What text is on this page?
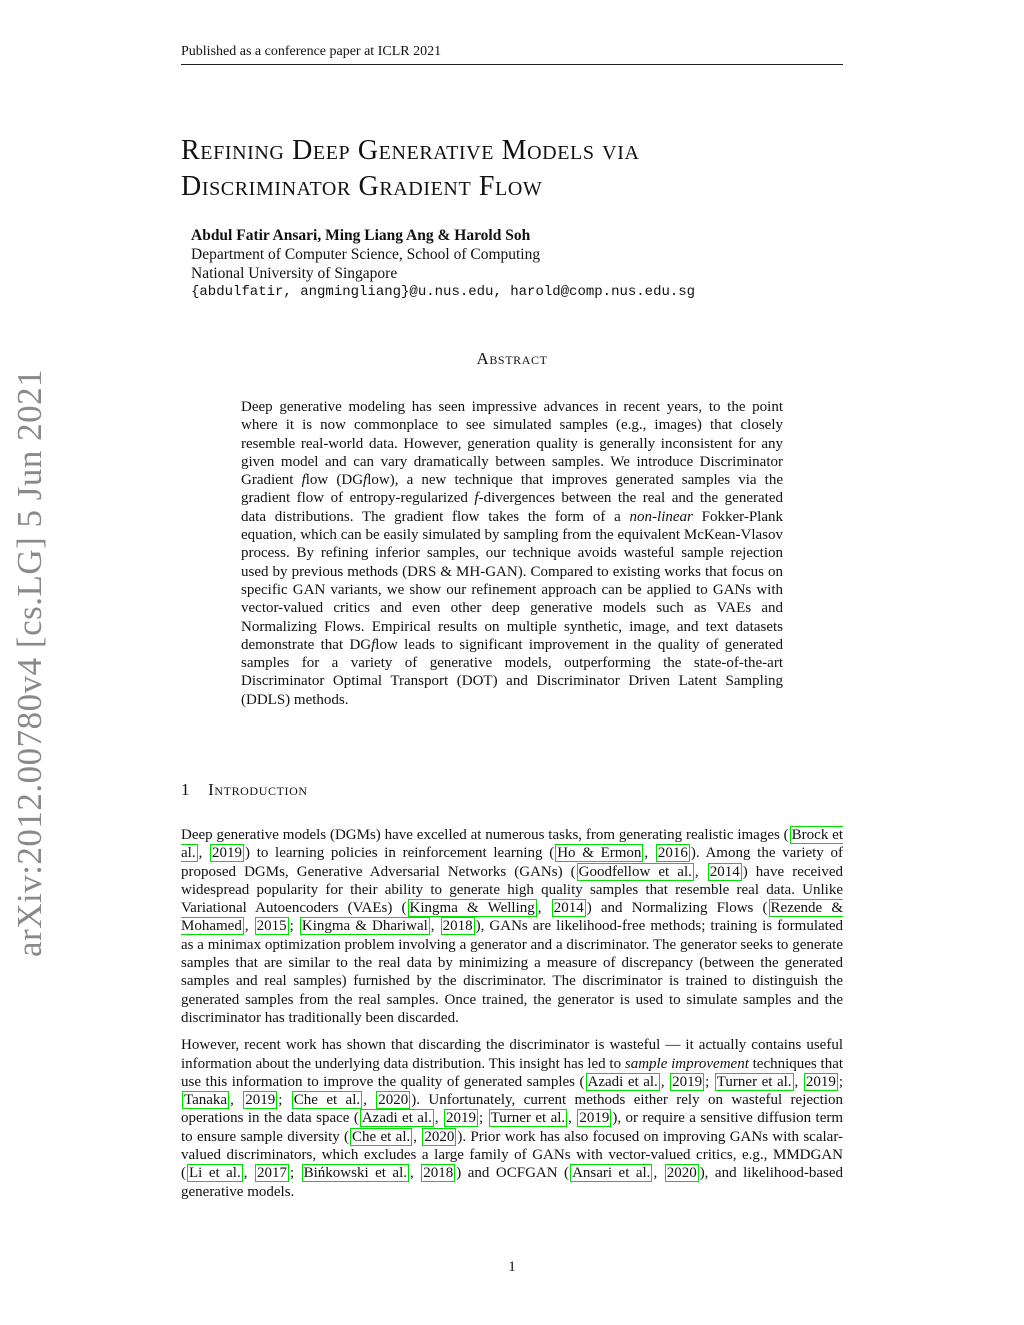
Published as a conference paper at ICLR 2021
Refining Deep Generative Models via
Discriminator Gradient Flow
Abdul Fatir Ansari, Ming Liang Ang & Harold Soh
Department of Computer Science, School of Computing
National University of Singapore
{abdulfatir, angmingliang}@u.nus.edu, harold@comp.nus.edu.sg
arXiv:2012.00780v4 [cs.LG] 5 Jun 2021
Abstract
Deep generative modeling has seen impressive advances in recent years, to the point where it is now commonplace to see simulated samples (e.g., images) that closely resemble real-world data. However, generation quality is generally inconsistent for any given model and can vary dramatically between samples. We introduce Discriminator Gradient flow (DGflow), a new technique that improves generated samples via the gradient flow of entropy-regularized f-divergences between the real and the generated data distributions. The gradient flow takes the form of a non-linear Fokker-Plank equation, which can be easily simulated by sampling from the equivalent McKean-Vlasov process. By refining inferior samples, our technique avoids wasteful sample rejection used by previous methods (DRS & MH-GAN). Compared to existing works that focus on specific GAN variants, we show our refinement approach can be applied to GANs with vector-valued critics and even other deep generative models such as VAEs and Normalizing Flows. Empirical results on multiple synthetic, image, and text datasets demonstrate that DGflow leads to significant improvement in the quality of generated samples for a variety of generative models, outperforming the state-of-the-art Discriminator Optimal Transport (DOT) and Discriminator Driven Latent Sampling (DDLS) methods.
1 Introduction

Deep generative models (DGMs) have excelled at numerous tasks, from generating realistic images ( Brock et al. , 2019 ) to learning policies in reinforcement learning ( Ho & Ermon , 2016 ). Among the variety of proposed DGMs, Generative Adversarial Networks (GANs) ( Goodfellow et al. , 2014 ) have received widespread popularity for their ability to generate high quality samples that resemble real data. Unlike Variational Autoencoders (VAEs) ( Kingma & Welling , 2014 ) and Normalizing Flows ( Rezende & Mohamed , 2015 ; Kingma & Dhariwal , 2018 ), GANs are likelihood-free methods; training is formulated as a minimax optimization problem involving a generator and a discriminator. The generator seeks to generate samples that are similar to the real data by minimizing a measure of discrepancy (between the generated samples and real samples) furnished by the discriminator. The discriminator is trained to distinguish the generated samples from the real samples. Once trained, the generator is used to simulate samples and the discriminator has traditionally been discarded.

However, recent work has shown that discarding the discriminator is wasteful — it actually contains useful information about the underlying data distribution. This insight has led to sample improvement techniques that use this information to improve the quality of generated samples ( Azadi et al. , 2019 ; Turner et al. , 2019 ; Tanaka , 2019 ; Che et al. , 2020 ). Unfortunately, current methods either rely on wasteful rejection operations in the data space ( Azadi et al. , 2019 ; Turner et al. , 2019 ), or require a sensitive diffusion term to ensure sample diversity ( Che et al. , 2020 ). Prior work has also focused on improving GANs with scalar-valued discriminators, which excludes a large family of GANs with vector-valued critics, e.g., MMDGAN ( Li et al. , 2017 ; Bińkowski et al. , 2018 ) and OCFGAN ( Ansari et al. , 2020 ), and likelihood-based generative models.

1
